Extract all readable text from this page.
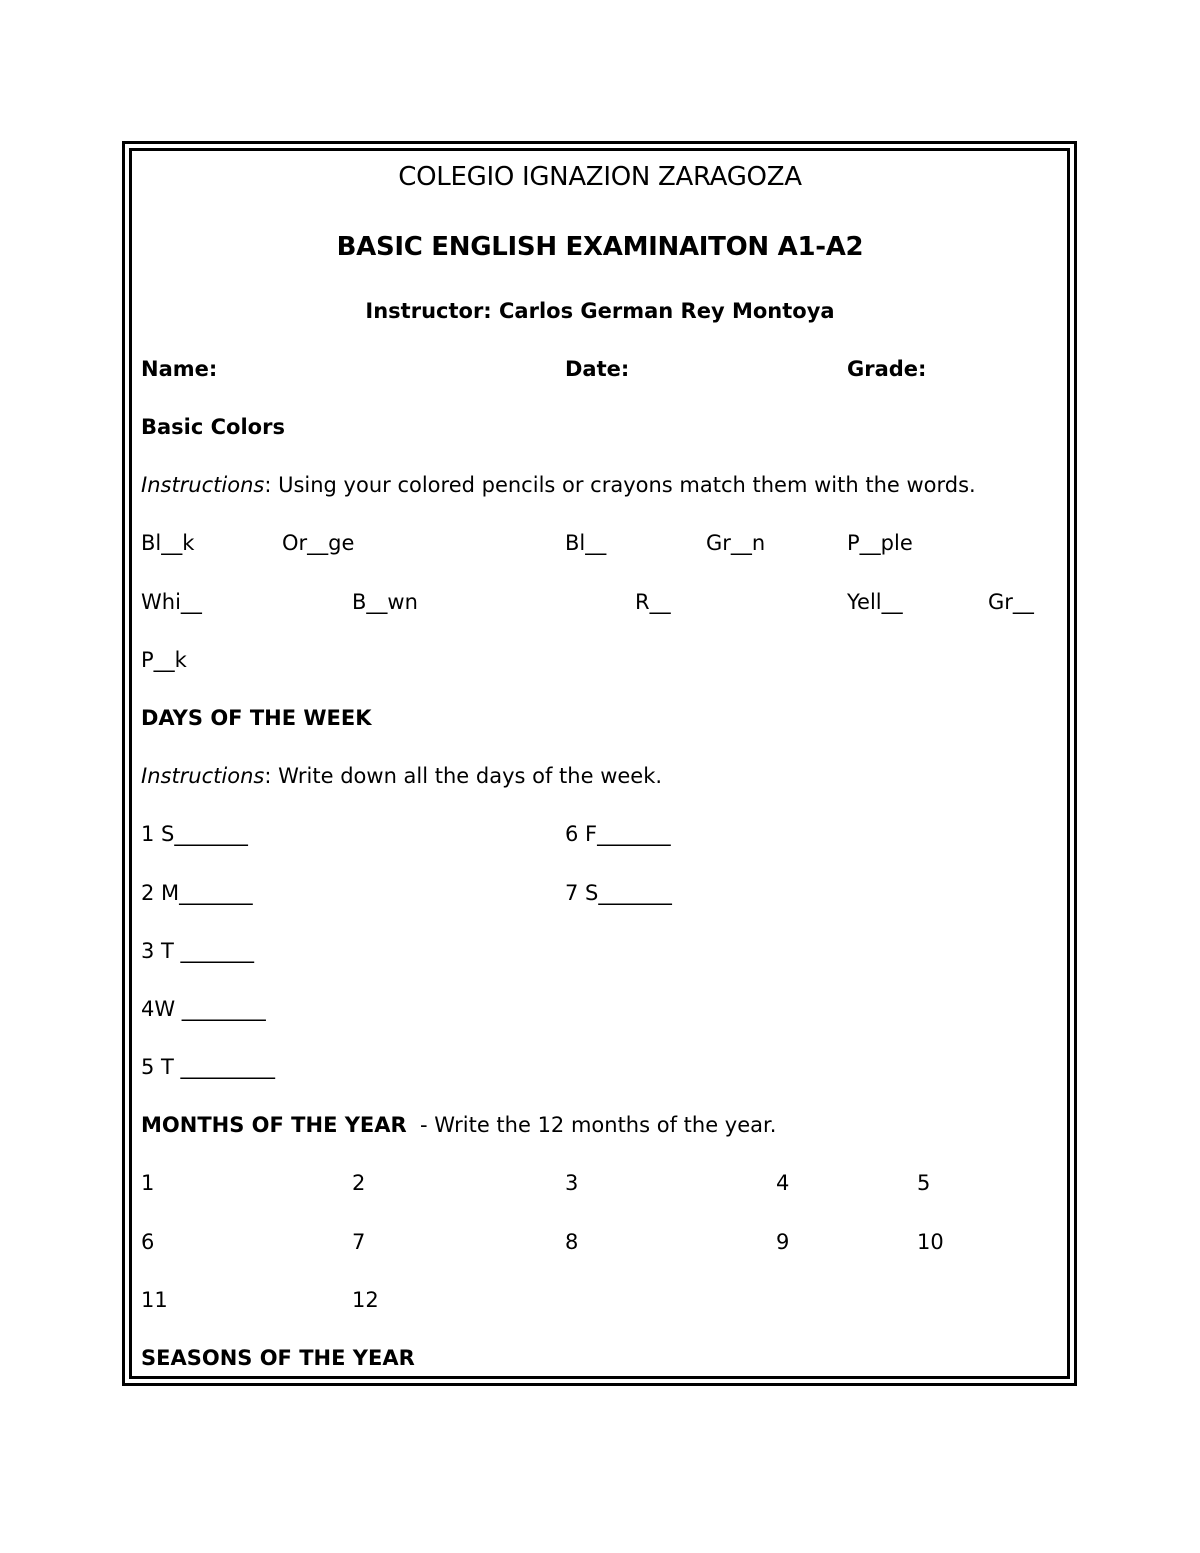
COLEGIO IGNAZION ZARAGOZA
BASIC ENGLISH EXAMINAITON A1-A2
Instructor: Carlos German Rey Montoya
Name:	Date:	Grade:
Basic Colors
Instructions: Using your colored pencils or crayons match them with the words.
Bl__k	Or__ge	Bl__	Gr__n	P__ple
Whi__	B__wn	R__	Yell__	Gr__
P__k
DAYS OF THE WEEK
Instructions: Write down all the days of the week.
1 S_______	6 F_______
2 M_______	7 S_______
3 T _______
4W ________
5 T _________
MONTHS OF THE YEAR  - Write the 12 months of the year.
1	2	3	4	5
6	7	8	9	10
11	12
SEASONS OF THE YEAR
